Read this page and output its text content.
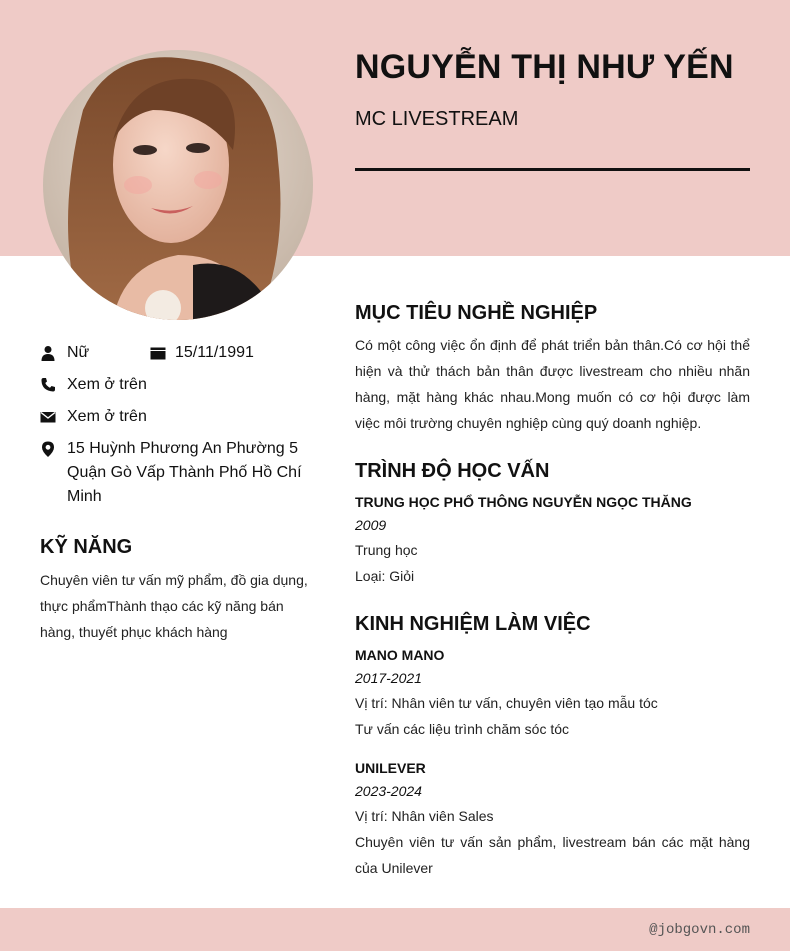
NGUYỄN THỊ NHƯ YẾN
MC LIVESTREAM
Nữ	15/11/1991
Xem ở trên
Xem ở trên
15 Huỳnh Phương An Phường 5 Quận Gò Vấp Thành Phố Hồ Chí Minh
KỸ NĂNG
Chuyên viên tư vấn mỹ phẩm, đồ gia dụng, thực phẩmThành thạo các kỹ năng bán hàng, thuyết phục khách hàng
MỤC TIÊU NGHỀ NGHIỆP
Có một công việc ổn định để phát triển bản thân.Có cơ hội thể hiện và thử thách bản thân được livestream cho nhiều nhãn hàng, mặt hàng khác nhau.Mong muốn có cơ hội được làm việc môi trường chuyên nghiệp cùng quý doanh nghiệp.
TRÌNH ĐỘ HỌC VẤN
TRUNG HỌC PHỔ THÔNG NGUYỄN NGỌC THĂNG
2009
Trung học
Loại: Giỏi
KINH NGHIỆM LÀM VIỆC
MANO MANO
2017-2021
Vị trí: Nhân viên tư vấn, chuyên viên tạo mẫu tóc
Tư vấn các liệu trình chăm sóc tóc
UNILEVER
2023-2024
Vị trí: Nhân viên Sales
Chuyên viên tư vấn sản phẩm, livestream bán các mặt hàng của Unilever
@jobgovn.com
